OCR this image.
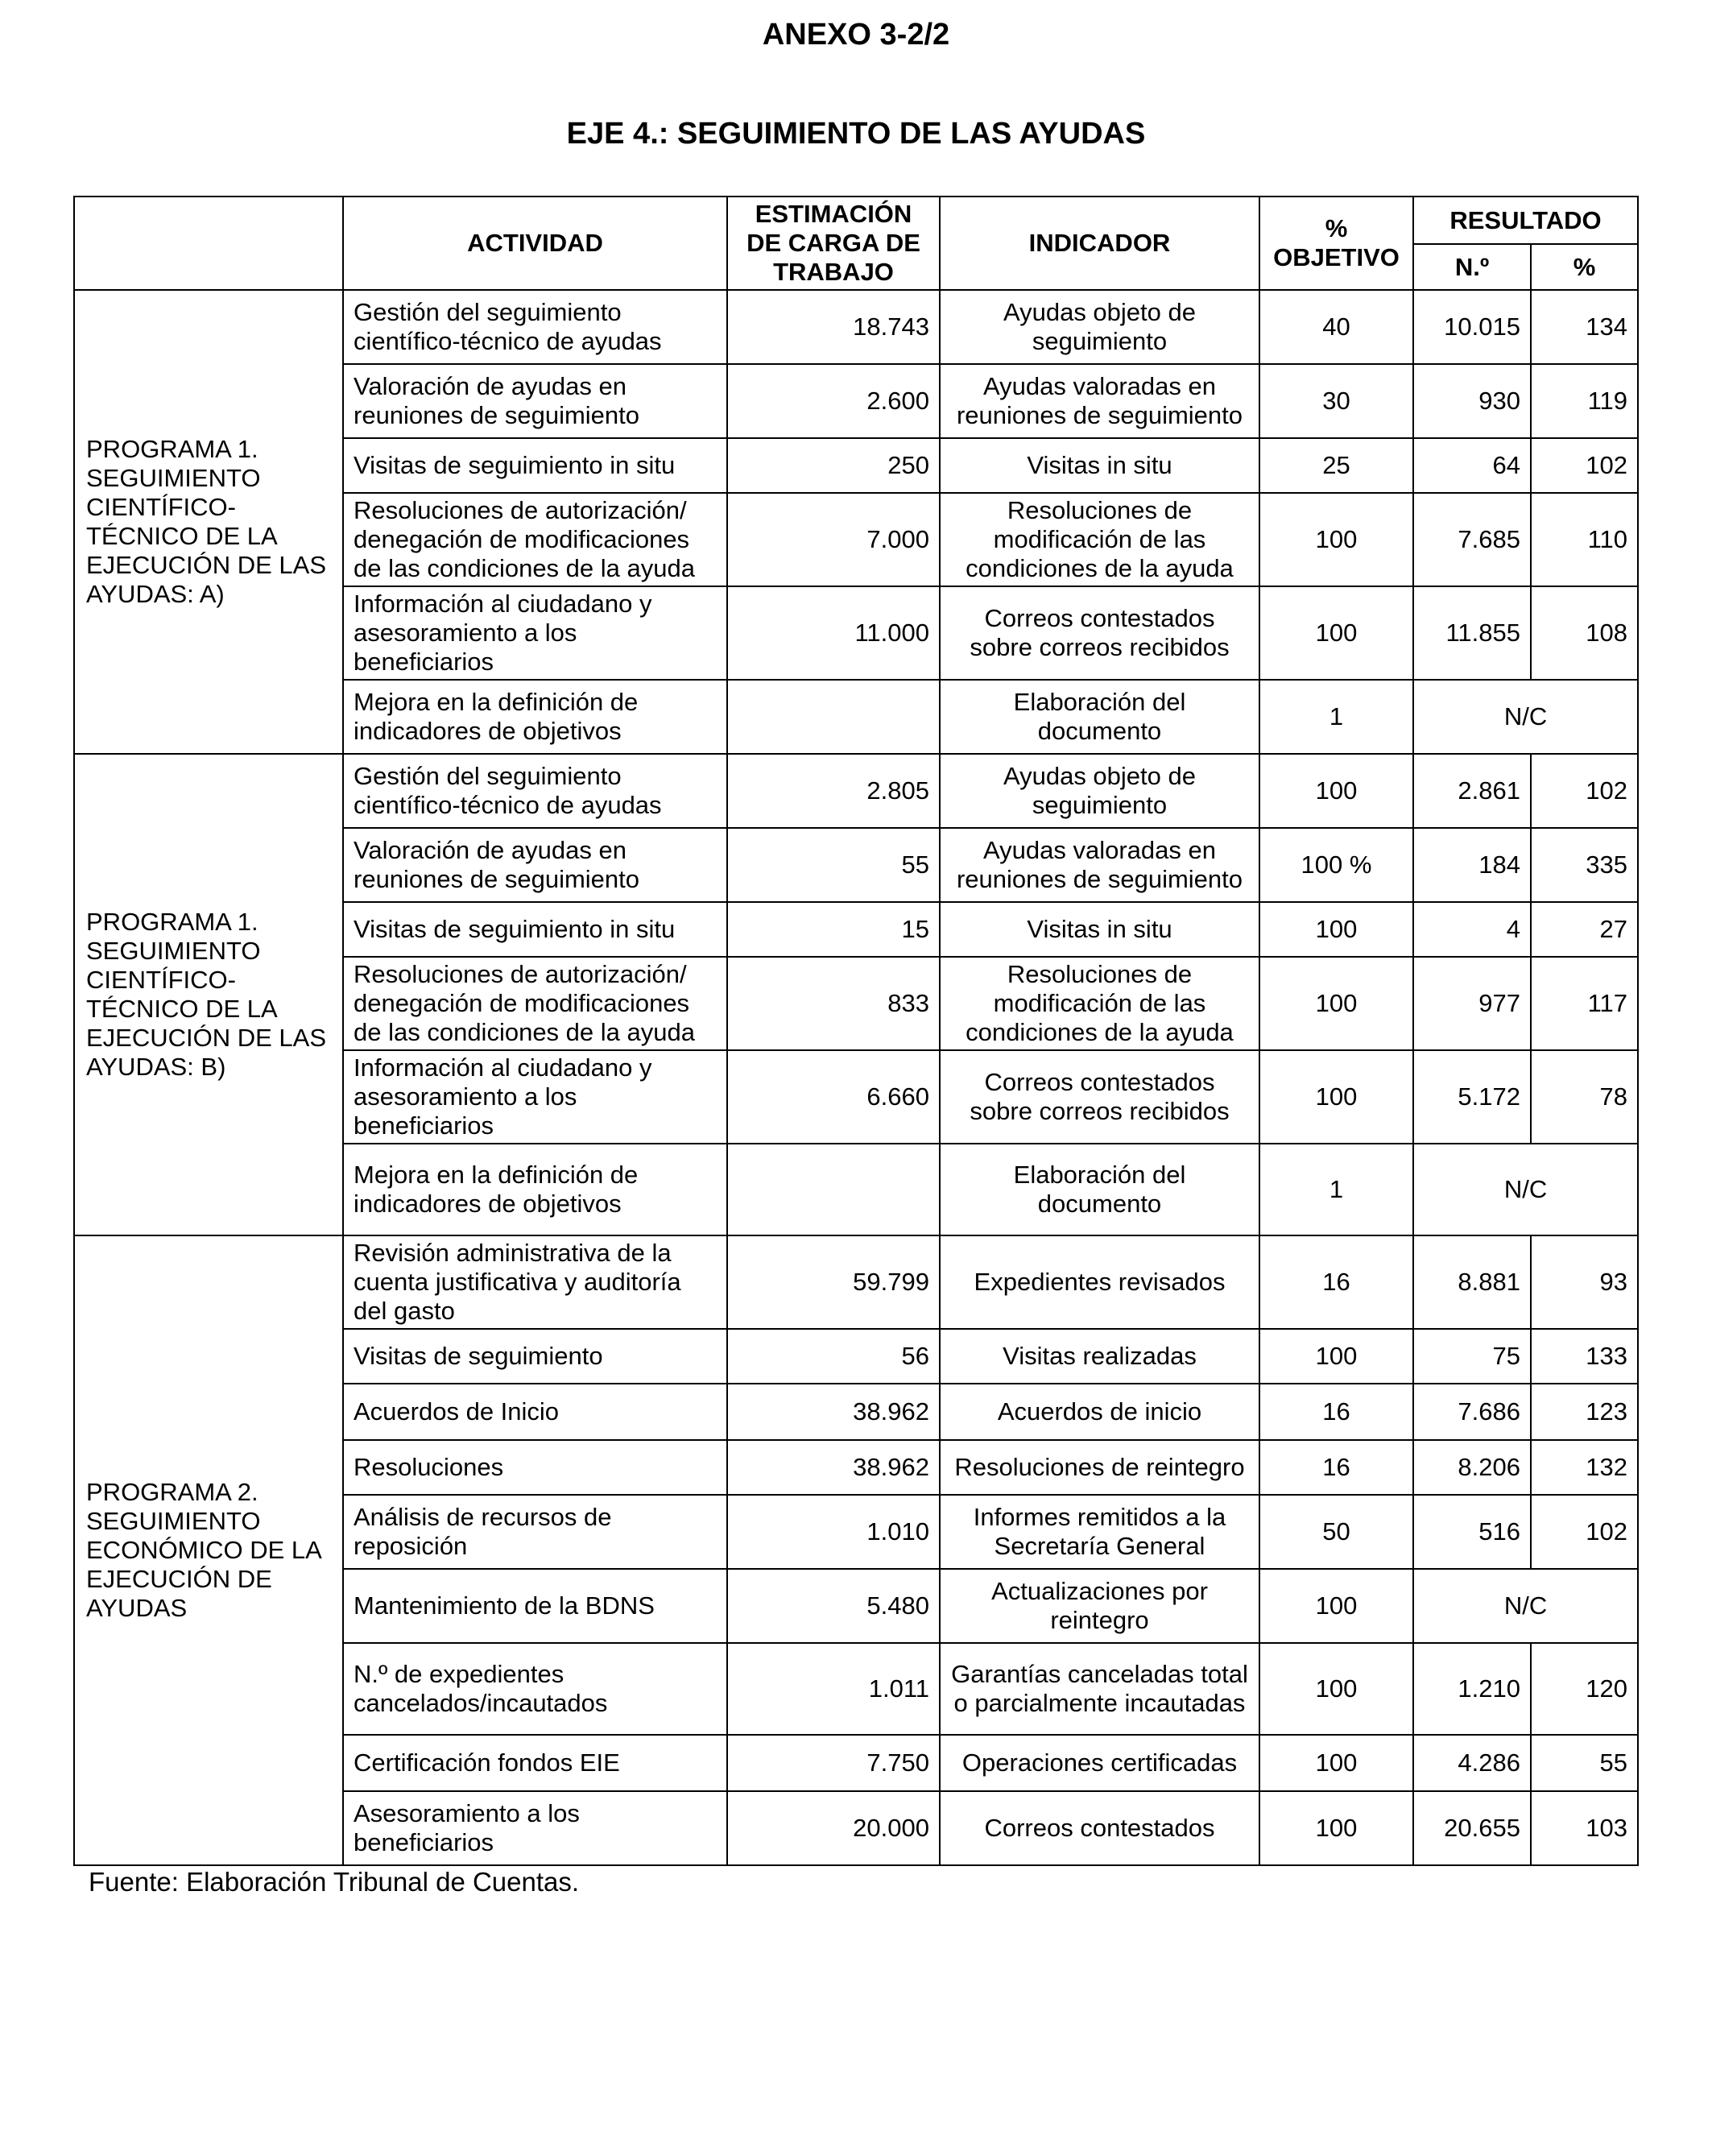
ANEXO 3-2/2
EJE 4.: SEGUIMIENTO DE LAS AYUDAS
	ACTIVIDAD	ESTIMACIÓN DE CARGA DE TRABAJO	INDICADOR	% OBJETIVO	RESULTADO	
					N.º	%
PROGRAMA 1. SEGUIMIENTO CIENTÍFICO-TÉCNICO DE LA EJECUCIÓN DE LAS AYUDAS: A)	Gestión del seguimiento científico-técnico de ayudas	18.743	Ayudas objeto de seguimiento	40	10.015	134
	Valoración de ayudas en reuniones de seguimiento	2.600	Ayudas valoradas en reuniones de seguimiento	30	930	119
	Visitas de seguimiento in situ	250	Visitas in situ	25	64	102
	Resoluciones de autorización/ denegación de modificaciones de las condiciones de la ayuda	7.000	Resoluciones de modificación de las condiciones de la ayuda	100	7.685	110
	Información al ciudadano y asesoramiento a los beneficiarios	11.000	Correos contestados sobre correos recibidos	100	11.855	108
	Mejora en la definición de indicadores de objetivos		Elaboración del documento	1	N/C	
PROGRAMA 1. SEGUIMIENTO CIENTÍFICO-TÉCNICO DE LA EJECUCIÓN DE LAS AYUDAS: B)	Gestión del seguimiento científico-técnico de ayudas	2.805	Ayudas objeto de seguimiento	100	2.861	102
	Valoración de ayudas en reuniones de seguimiento	55	Ayudas valoradas en reuniones de seguimiento	100 %	184	335
	Visitas de seguimiento in situ	15	Visitas in situ	100	4	27
	Resoluciones de autorización/ denegación de modificaciones de las condiciones de la ayuda	833	Resoluciones de modificación de las condiciones de la ayuda	100	977	117
	Información al ciudadano y asesoramiento a los beneficiarios	6.660	Correos contestados sobre correos recibidos	100	5.172	78
	Mejora en la definición de indicadores de objetivos		Elaboración del documento	1	N/C	
PROGRAMA 2. SEGUIMIENTO ECONÓMICO DE LA EJECUCIÓN DE AYUDAS	Revisión administrativa de la cuenta justificativa y auditoría del gasto	59.799	Expedientes revisados	16	8.881	93
	Visitas de seguimiento	56	Visitas realizadas	100	75	133
	Acuerdos de Inicio	38.962	Acuerdos de inicio	16	7.686	123
	Resoluciones	38.962	Resoluciones de reintegro	16	8.206	132
	Análisis de recursos de reposición	1.010	Informes remitidos a la Secretaría General	50	516	102
	Mantenimiento de la BDNS	5.480	Actualizaciones por reintegro	100	N/C	
	N.º de expedientes cancelados/incautados	1.011	Garantías canceladas total o parcialmente incautadas	100	1.210	120
	Certificación fondos EIE	7.750	Operaciones certificadas	100	4.286	55
	Asesoramiento a los beneficiarios	20.000	Correos contestados	100	20.655	103
Fuente: Elaboración Tribunal de Cuentas.
